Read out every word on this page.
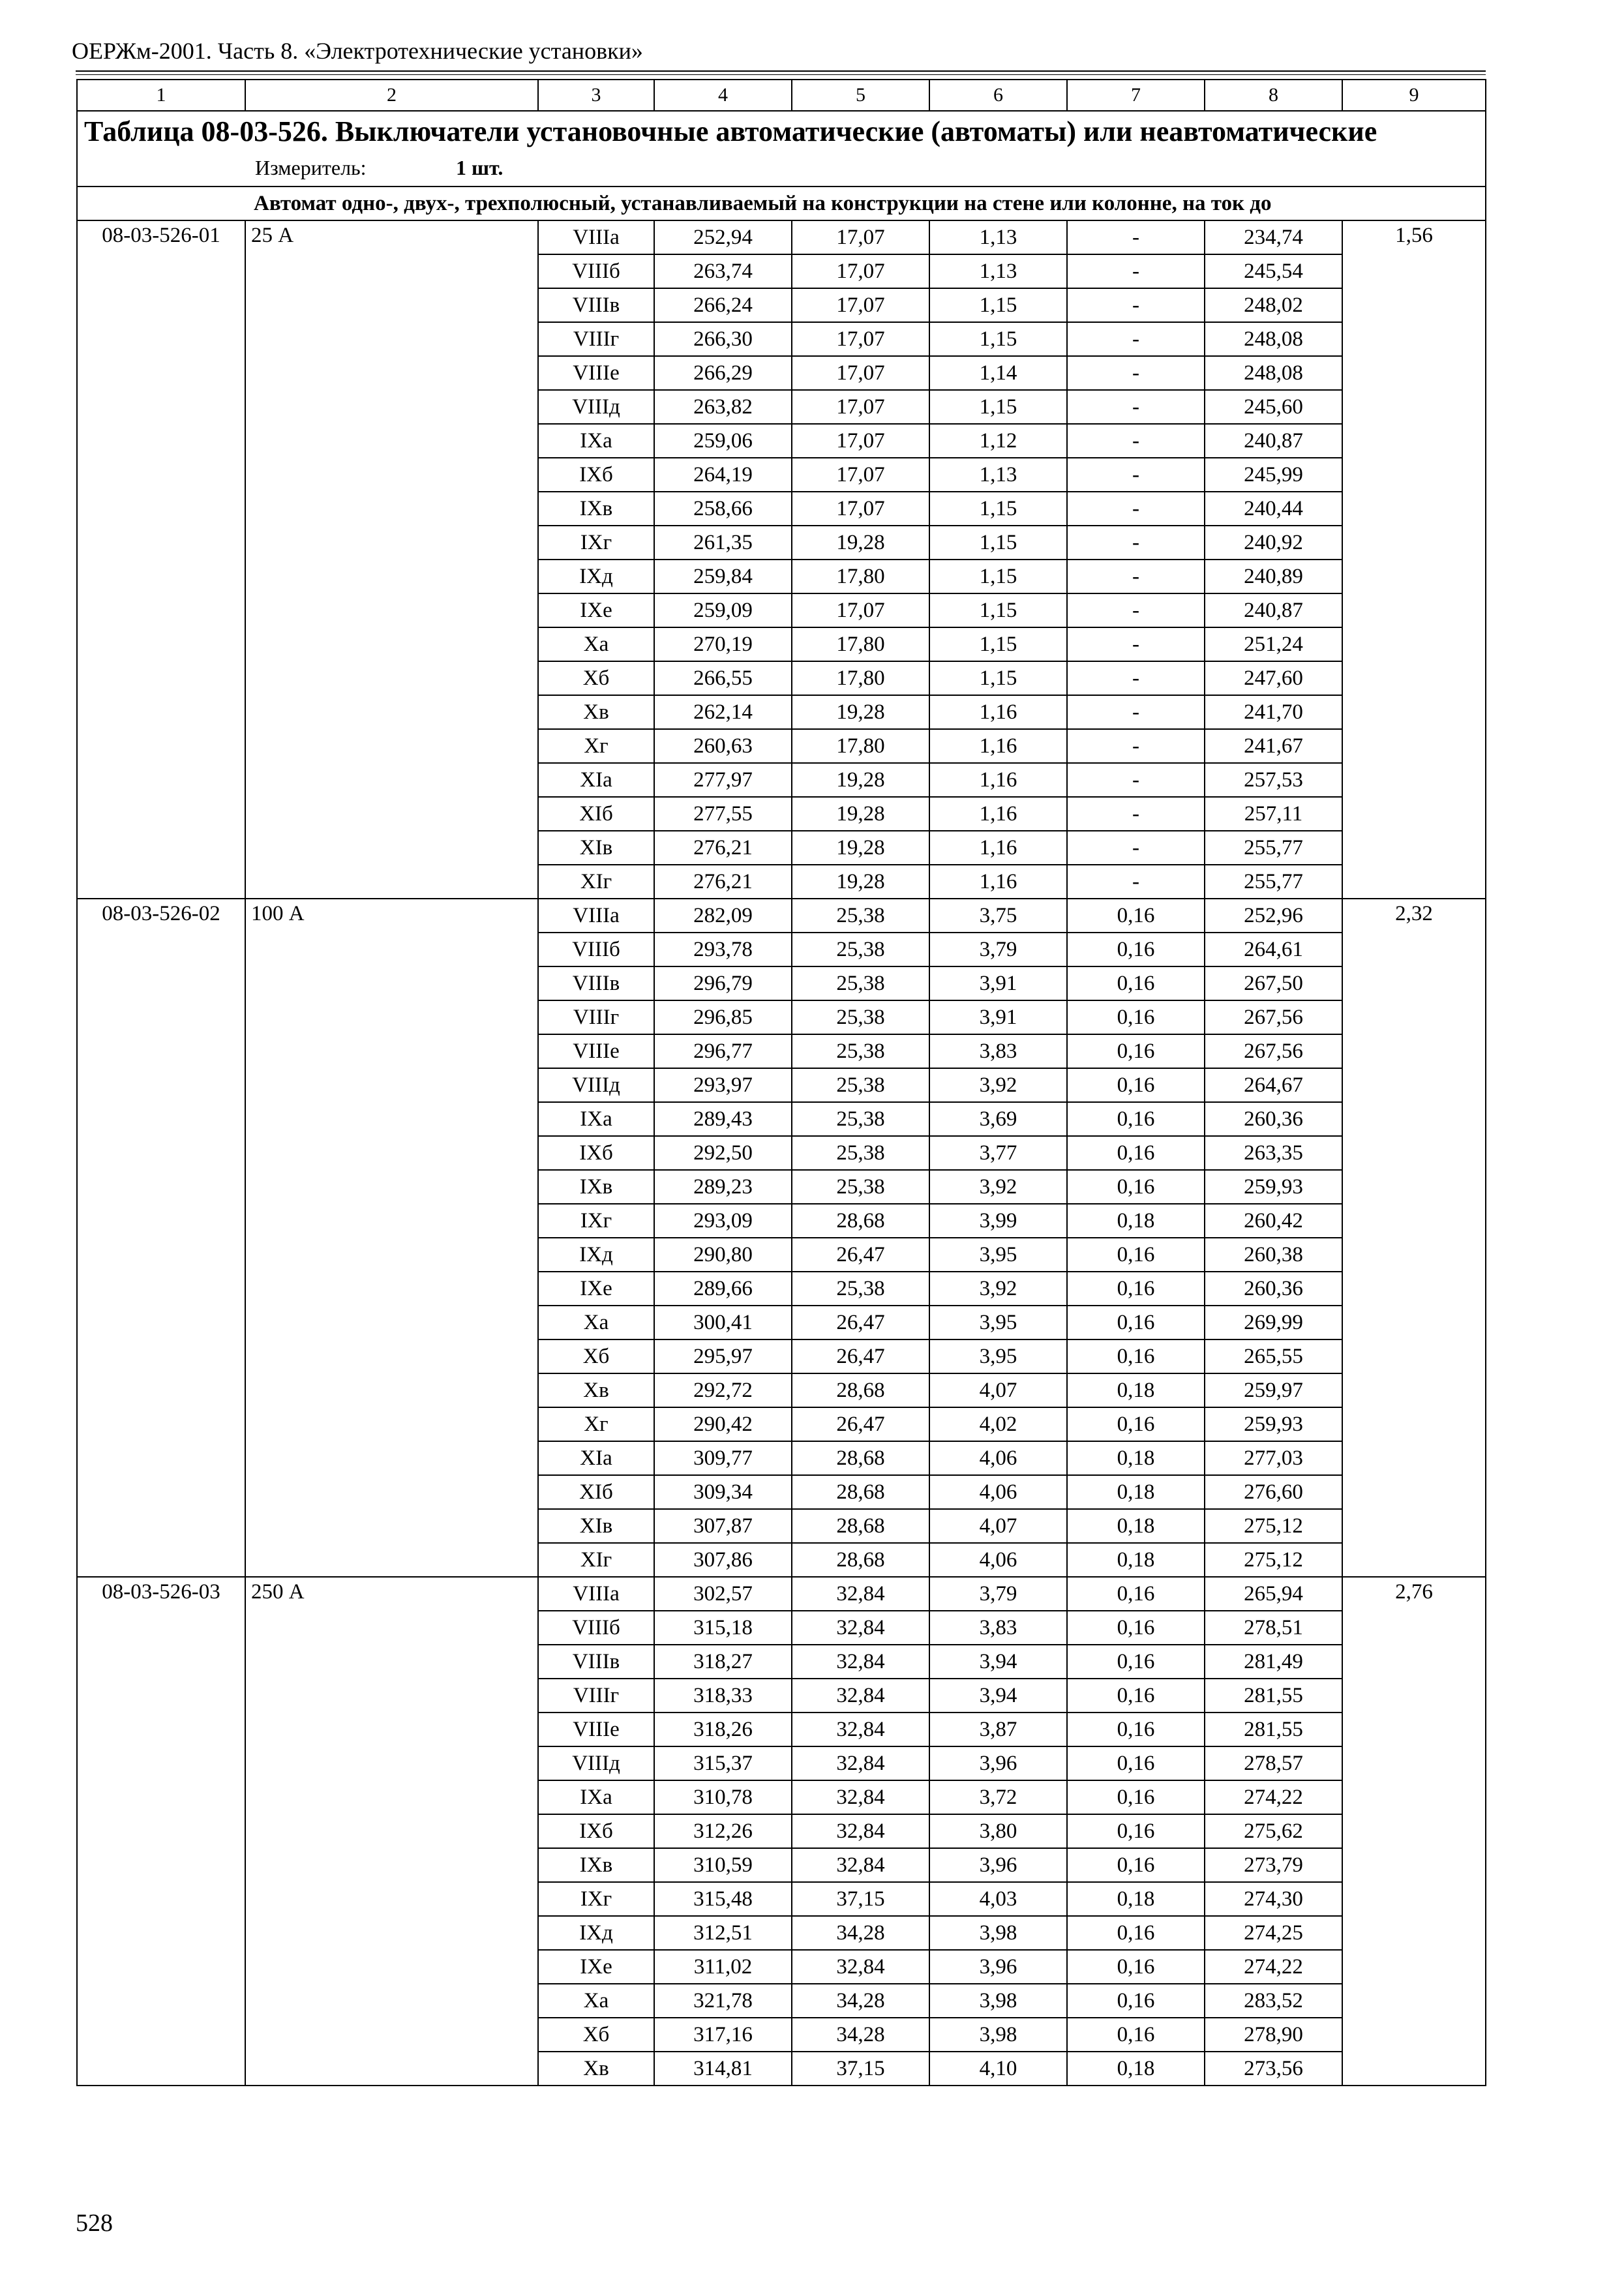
ОЕРЖм-2001. Часть 8. «Электротехнические установки»
1	2	3	4	5	6	7	8	9

Таблица 08-03-526. Выключатели установочные автоматические (автоматы) или неавтоматические
Измеритель: 1 шт.								

Автомат одно-, двух-, трехполюсный, устанавливаемый на конструкции на стене или колонне, на ток до								
08-03-526-01	25 А	VIIIа	252,94	17,07	1,13	-	234,74	1,56
		VIIIб	263,74	17,07	1,13	-	245,54	
		VIIIв	266,24	17,07	1,15	-	248,02	
		VIIIг	266,30	17,07	1,15	-	248,08	
		VIIIе	266,29	17,07	1,14	-	248,08	
		VIIIд	263,82	17,07	1,15	-	245,60	
		IXа	259,06	17,07	1,12	-	240,87	
		IXб	264,19	17,07	1,13	-	245,99	
		IXв	258,66	17,07	1,15	-	240,44	
		IXг	261,35	19,28	1,15	-	240,92	
		IXд	259,84	17,80	1,15	-	240,89	
		IXе	259,09	17,07	1,15	-	240,87	
		Xа	270,19	17,80	1,15	-	251,24	
		Xб	266,55	17,80	1,15	-	247,60	
		Xв	262,14	19,28	1,16	-	241,70	
		Xг	260,63	17,80	1,16	-	241,67	
		XIа	277,97	19,28	1,16	-	257,53	
		XIб	277,55	19,28	1,16	-	257,11	
		XIв	276,21	19,28	1,16	-	255,77	
		XIг	276,21	19,28	1,16	-	255,77	
08-03-526-02	100 А	VIIIа	282,09	25,38	3,75	0,16	252,96	2,32
		VIIIб	293,78	25,38	3,79	0,16	264,61	
		VIIIв	296,79	25,38	3,91	0,16	267,50	
		VIIIг	296,85	25,38	3,91	0,16	267,56	
		VIIIе	296,77	25,38	3,83	0,16	267,56	
		VIIIд	293,97	25,38	3,92	0,16	264,67	
		IXа	289,43	25,38	3,69	0,16	260,36	
		IXб	292,50	25,38	3,77	0,16	263,35	
		IXв	289,23	25,38	3,92	0,16	259,93	
		IXг	293,09	28,68	3,99	0,18	260,42	
		IXд	290,80	26,47	3,95	0,16	260,38	
		IXе	289,66	25,38	3,92	0,16	260,36	
		Xа	300,41	26,47	3,95	0,16	269,99	
		Xб	295,97	26,47	3,95	0,16	265,55	
		Xв	292,72	28,68	4,07	0,18	259,97	
		Xг	290,42	26,47	4,02	0,16	259,93	
		XIа	309,77	28,68	4,06	0,18	277,03	
		XIб	309,34	28,68	4,06	0,18	276,60	
		XIв	307,87	28,68	4,07	0,18	275,12	
		XIг	307,86	28,68	4,06	0,18	275,12	
08-03-526-03	250 А	VIIIа	302,57	32,84	3,79	0,16	265,94	2,76
		VIIIб	315,18	32,84	3,83	0,16	278,51	
		VIIIв	318,27	32,84	3,94	0,16	281,49	
		VIIIг	318,33	32,84	3,94	0,16	281,55	
		VIIIе	318,26	32,84	3,87	0,16	281,55	
		VIIIд	315,37	32,84	3,96	0,16	278,57	
		IXа	310,78	32,84	3,72	0,16	274,22	
		IXб	312,26	32,84	3,80	0,16	275,62	
		IXв	310,59	32,84	3,96	0,16	273,79	
		IXг	315,48	37,15	4,03	0,18	274,30	
		IXд	312,51	34,28	3,98	0,16	274,25	
		IXе	311,02	32,84	3,96	0,16	274,22	
		Xа	321,78	34,28	3,98	0,16	283,52	
		Xб	317,16	34,28	3,98	0,16	278,90	
		Xв	314,81	37,15	4,10	0,18	273,56	
528
